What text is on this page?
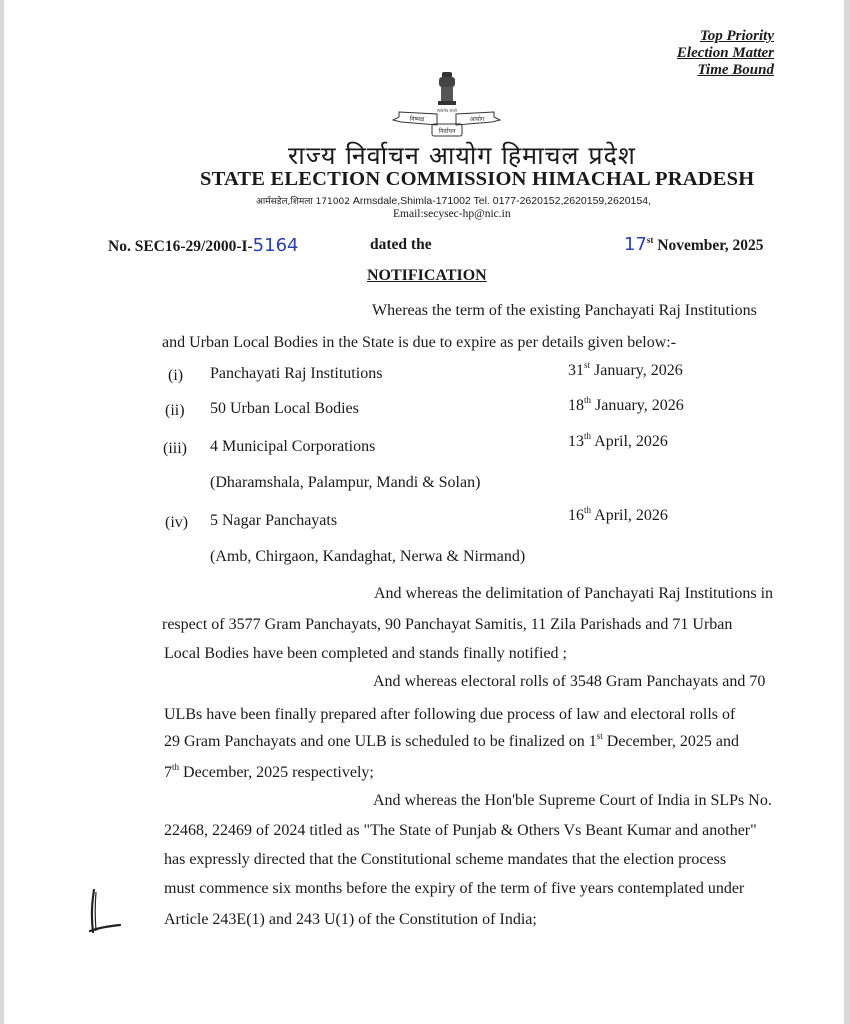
Top Priority
Election Matter
Time Bound
निष्पक्ष	आयोग
निर्वाचन
सत्यमेव जयते
राज्य निर्वाचन आयोग हिमाचल प्रदेश
STATE ELECTION COMMISSION HIMACHAL PRADESH
आर्मसडेल,शिमला 171002 Armsdale,Shimla-171002 Tel. 0177-2620152,2620159,2620154,
Email:secysec-hp@nic.in
No. SEC16-29/2000-I-5164	dated the	17st November, 2025
NOTIFICATION
Whereas the term of the existing Panchayati Raj Institutions
and Urban Local Bodies in the State is due to expire as per details given below:-
(i) Panchayati Raj Institutions	31st January, 2026
(ii) 50 Urban Local Bodies	18th January, 2026
(iii) 4 Municipal Corporations	13th April, 2026
(Dharamshala, Palampur, Mandi & Solan)
(iv) 5 Nagar Panchayats	16th April, 2026
(Amb, Chirgaon, Kandaghat, Nerwa & Nirmand)
And whereas the delimitation of Panchayati Raj Institutions in
respect of 3577 Gram Panchayats, 90 Panchayat Samitis, 11 Zila Parishads and 71 Urban
Local Bodies have been completed and stands finally notified ;
And whereas electoral rolls of 3548 Gram Panchayats and 70
ULBs have been finally prepared after following due process of law and electoral rolls of
29 Gram Panchayats and one ULB is scheduled to be finalized on 1st December, 2025 and
7th December, 2025 respectively;
And whereas the Hon'ble Supreme Court of India in SLPs No.
22468, 22469 of 2024 titled as "The State of Punjab & Others Vs Beant Kumar and another"
has expressly directed that the Constitutional scheme mandates that the election process
must commence six months before the expiry of the term of five years contemplated under
Article 243E(1) and 243 U(1) of the Constitution of India;
